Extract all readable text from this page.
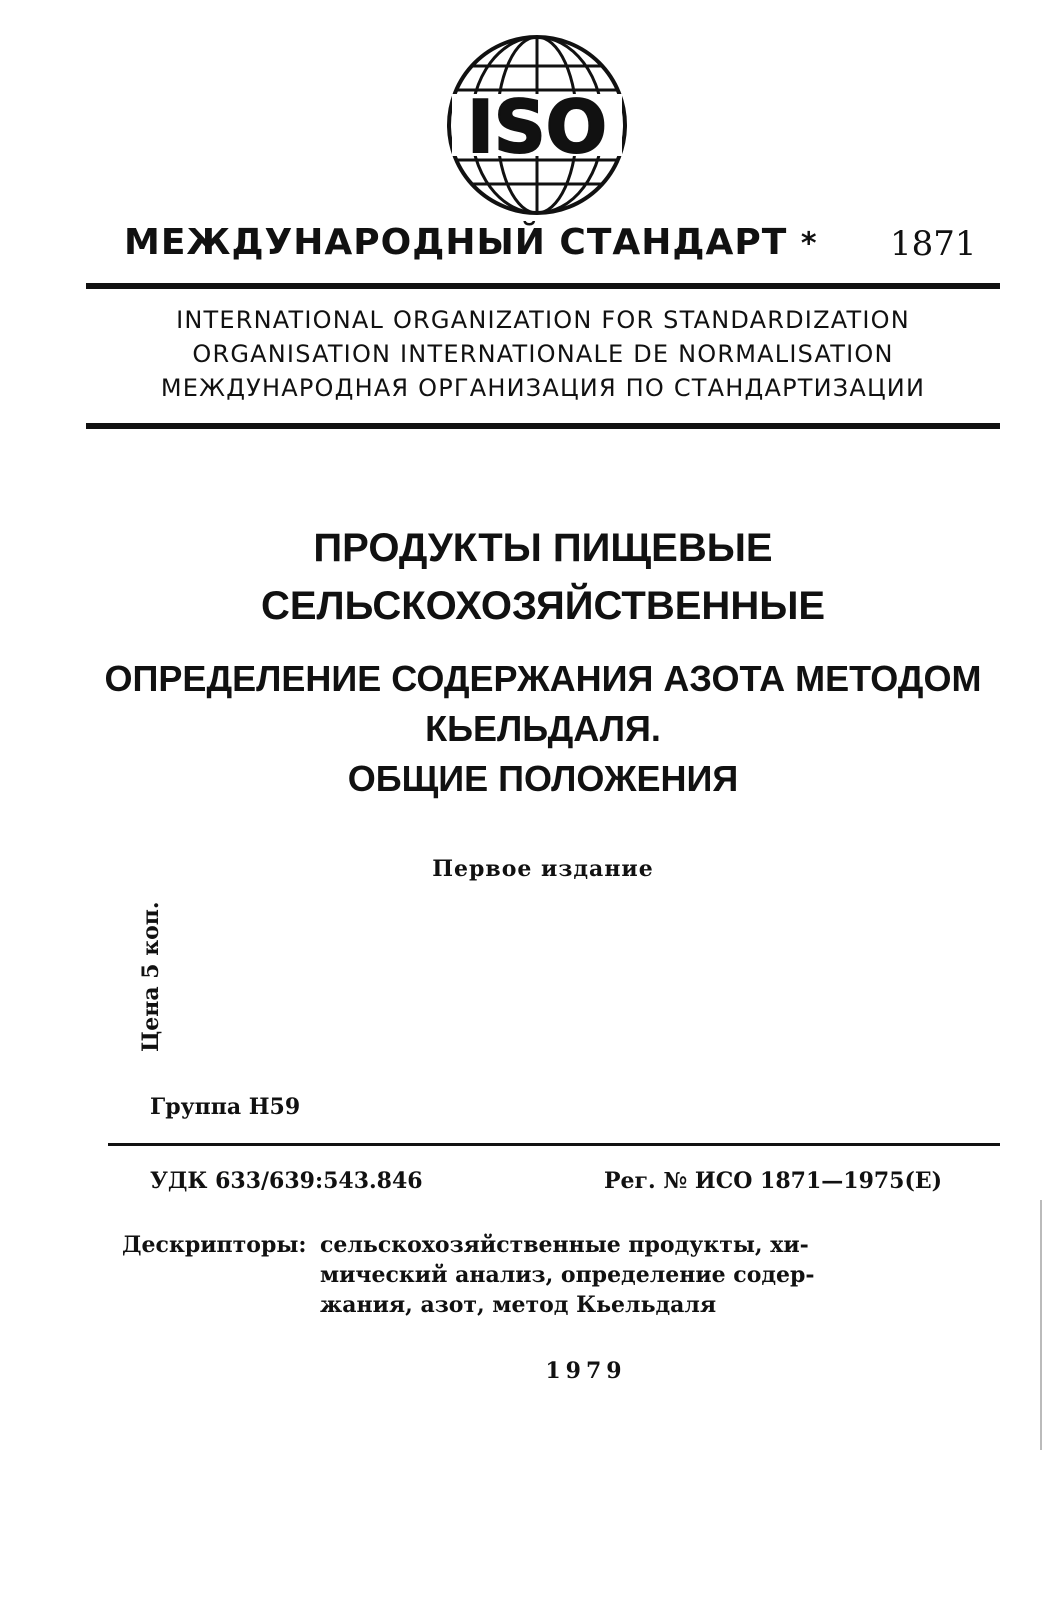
ISO
МЕЖДУНАРОДНЫЙ СТАНДАРТ * 1871
INTERNATIONAL ORGANIZATION FOR STANDARDIZATION
ORGANISATION INTERNATIONALE DE NORMALISATION
МЕЖДУНАРОДНАЯ ОРГАНИЗАЦИЯ ПО СТАНДАРТИЗАЦИИ
ПРОДУКТЫ ПИЩЕВЫЕ
СЕЛЬСКОХОЗЯЙСТВЕННЫЕ
ОПРЕДЕЛЕНИЕ СОДЕРЖАНИЯ АЗОТА МЕТОДОМ
КЬЕЛЬДАЛЯ.
ОБЩИЕ ПОЛОЖЕНИЯ
Первое издание
Цена 5 коп.
Группа Н59
УДК 633/639:543.846	Рег. № ИСО 1871—1975(Е)
Дескрипторы: сельскохозяйственные продукты, хи-
мический анализ, определение содер-
жания, азот, метод Кьельдаля
1979
